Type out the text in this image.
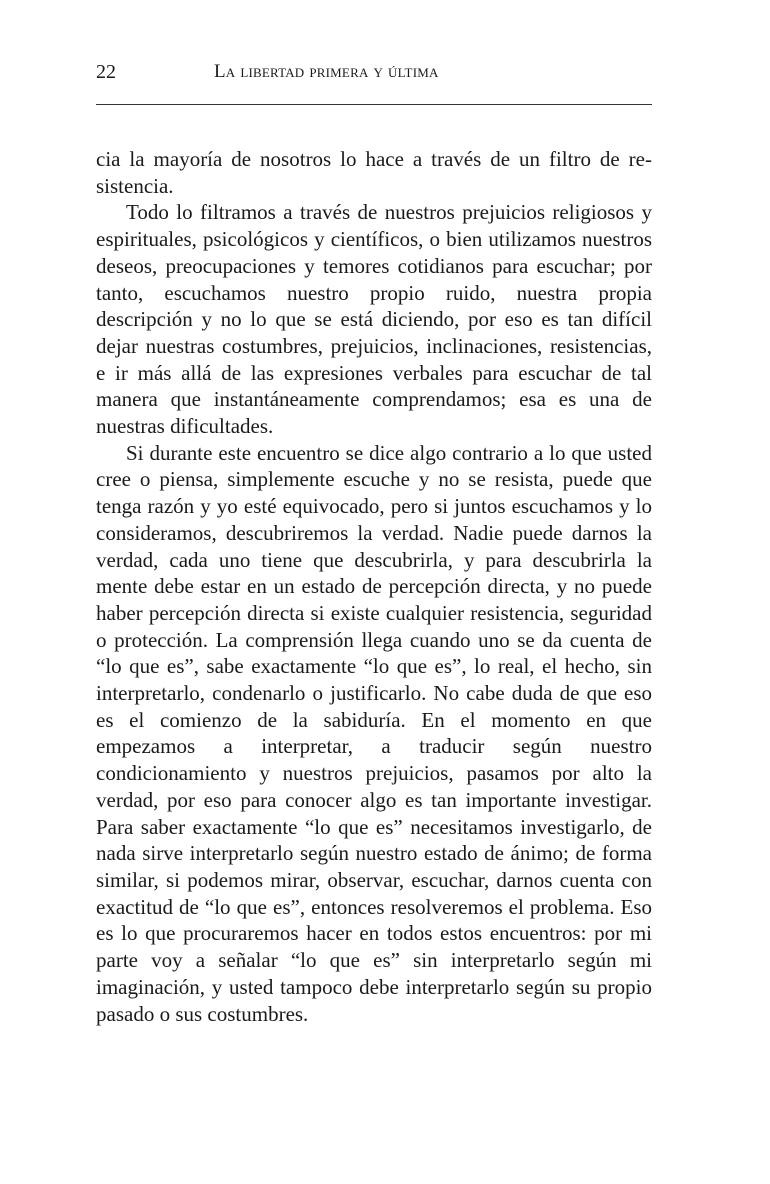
22	La libertad primera y última

cia la mayoría de nosotros lo hace a través de un filtro de resistencia.

Todo lo filtramos a través de nuestros prejuicios religiosos y espirituales, psicológicos y científicos, o bien utilizamos nuestros deseos, preocupaciones y temores cotidianos para escuchar; por tanto, escuchamos nuestro propio ruido, nuestra propia descripción y no lo que se está diciendo, por eso es tan difícil dejar nuestras costumbres, prejuicios, inclinaciones, resistencias, e ir más allá de las expresiones verbales para escuchar de tal manera que instantáneamente comprendamos; esa es una de nuestras dificultades.

Si durante este encuentro se dice algo contrario a lo que usted cree o piensa, simplemente escuche y no se resista, puede que tenga razón y yo esté equivocado, pero si juntos escuchamos y lo consideramos, descubriremos la verdad. Nadie puede darnos la verdad, cada uno tiene que descubrirla, y para descubrirla la mente debe estar en un estado de percepción directa, y no puede haber percepción directa si existe cualquier resistencia, seguridad o protección. La comprensión llega cuando uno se da cuenta de “lo que es”, sabe exactamente “lo que es”, lo real, el hecho, sin interpretarlo, condenarlo o justificarlo. No cabe duda de que eso es el comienzo de la sabiduría. En el momento en que empezamos a interpretar, a traducir según nuestro condicionamiento y nuestros prejuicios, pasamos por alto la verdad, por eso para conocer algo es tan importante investigar. Para saber exactamente “lo que es” necesitamos investigarlo, de nada sirve interpretarlo según nuestro estado de ánimo; de forma similar, si podemos mirar, observar, escuchar, darnos cuenta con exactitud de “lo que es”, entonces resolveremos el problema. Eso es lo que procuraremos hacer en todos estos encuentros: por mi parte voy a señalar “lo que es” sin interpretarlo según mi imaginación, y usted tampoco debe interpretarlo según su propio pasado o sus costumbres.
